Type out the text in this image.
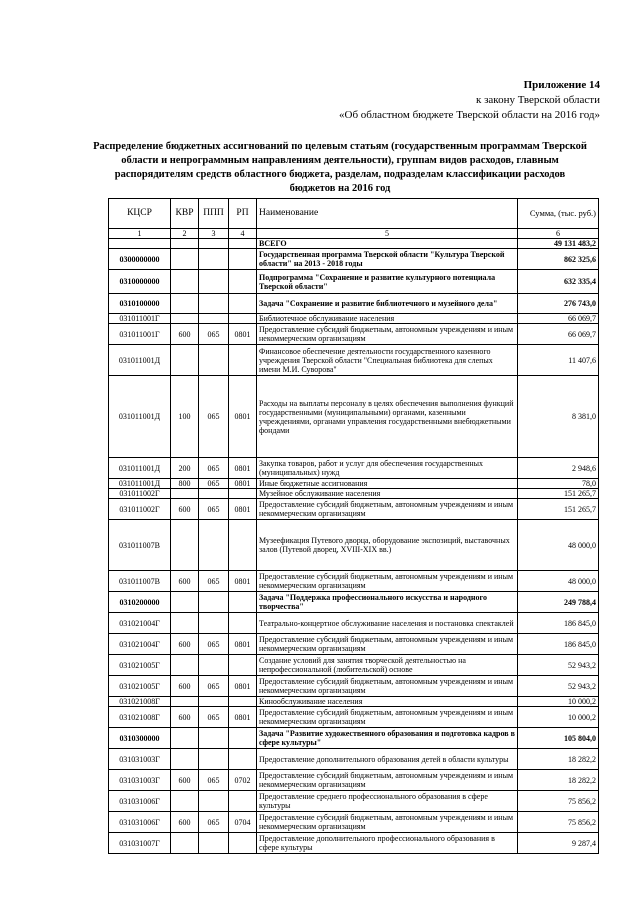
Приложение 14
к закону Тверской области
«Об областном бюджете Тверской области на 2016 год»
Распределение бюджетных ассигнований по целевым статьям (государственным программам Тверской
области и непрограммным направлениям деятельности), группам видов расходов, главным
распорядителям средств областного бюджета, разделам, подразделам классификации расходов
бюджетов на 2016 год
КЦСР	КВР	ППП	РП	Наименование	Сумма, (тыс. руб.)
1	2	3	4	5	6
				ВСЕГО	49 131 483,2
0300000000				Государственная программа Тверской области "Культура Тверской области" на 2013 - 2018 годы	862 325,6
0310000000				Подпрограмма "Сохранение и развитие культурного потенциала Тверской области"	632 335,4
0310100000				Задача "Сохранение и развитие библиотечного и музейного дела"	276 743,0
031011001Г				Библиотечное обслуживание населения	66 069,7
031011001Г	600	065	0801	Предоставление субсидий бюджетным, автономным учреждениям и иным некоммерческим организациям	66 069,7
031011001Д				Финансовое обеспечение деятельности государственного казенного учреждения Тверской области "Специальная библиотека для слепых имени М.И. Суворова"	11 407,6
031011001Д	100	065	0801	Расходы на выплаты персоналу в целях обеспечения выполнения функций государственными (муниципальными) органами, казенными учреждениями, органами управления государственными внебюджетными фондами	8 381,0
031011001Д	200	065	0801	Закупка товаров, работ и услуг для обеспечения государственных (муниципальных) нужд	2 948,6
031011001Д	800	065	0801	Иные бюджетные ассигнования	78,0
031011002Г				Музейное обслуживание населения	151 265,7
031011002Г	600	065	0801	Предоставление субсидий бюджетным, автономным учреждениям и иным некоммерческим организациям	151 265,7
031011007В				Музеефикация Путевого дворца, оборудование экспозиций, выставочных залов (Путевой дворец, XVIII-XIX вв.)	48 000,0
031011007В	600	065	0801	Предоставление субсидий бюджетным, автономным учреждениям и иным некоммерческим организациям	48 000,0
0310200000				Задача "Поддержка профессионального искусства и народного творчества"	249 788,4
031021004Г				Театрально-концертное обслуживание населения и постановка спектаклей	186 845,0
031021004Г	600	065	0801	Предоставление субсидий бюджетным, автономным учреждениям и иным некоммерческим организациям	186 845,0
031021005Г				Создание условий для занятия творческой деятельностью на непрофессиональной (любительской) основе	52 943,2
031021005Г	600	065	0801	Предоставление субсидий бюджетным, автономным учреждениям и иным некоммерческим организациям	52 943,2
031021008Г				Кинообслуживание населения	10 000,2
031021008Г	600	065	0801	Предоставление субсидий бюджетным, автономным учреждениям и иным некоммерческим организациям	10 000,2
0310300000				Задача "Развитие художественного образования и подготовка кадров в сфере культуры"	105 804,0
031031003Г				Предоставление дополнительного образования детей в области культуры	18 282,2
031031003Г	600	065	0702	Предоставление субсидий бюджетным, автономным учреждениям и иным некоммерческим организациям	18 282,2
031031006Г				Предоставление среднего профессионального образования в сфере культуры	75 856,2
031031006Г	600	065	0704	Предоставление субсидий бюджетным, автономным учреждениям и иным некоммерческим организациям	75 856,2
031031007Г				Предоставление дополнительного профессионального образования в сфере культуры	9 287,4
